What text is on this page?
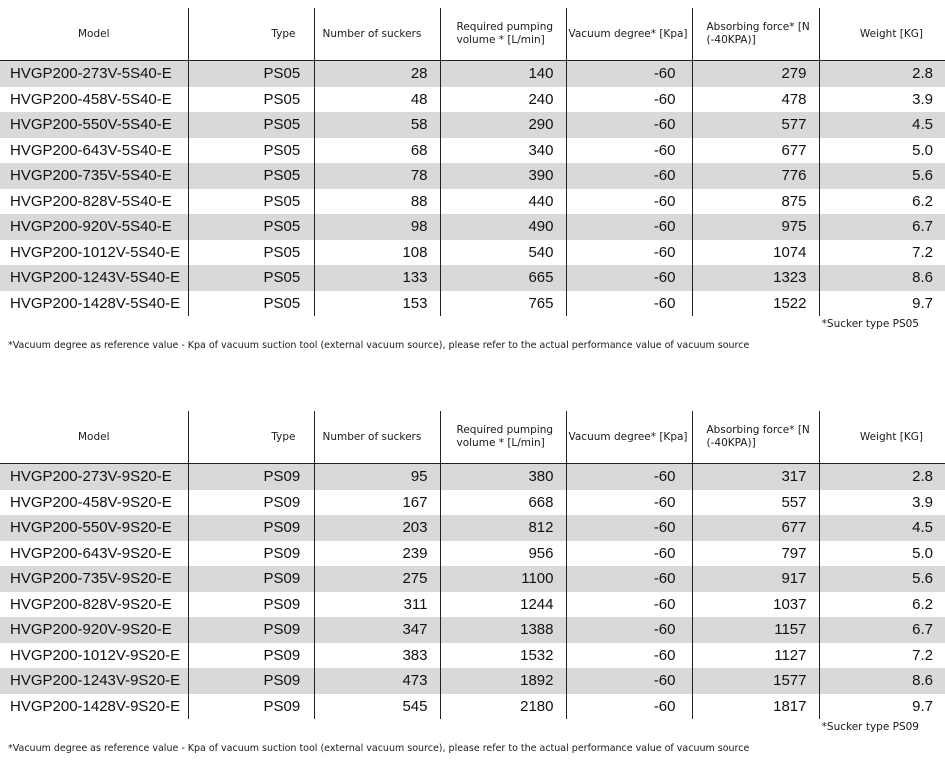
Model	Type	Number of suckers	Required pumping volume * [L/min]	Vacuum degree* [Kpa]	Absorbing force* [N (-40KPA)]	Weight [KG]
HVGP200-273V-5S40-E	PS05	28	140	-60	279	2.8
HVGP200-458V-5S40-E	PS05	48	240	-60	478	3.9
HVGP200-550V-5S40-E	PS05	58	290	-60	577	4.5
HVGP200-643V-5S40-E	PS05	68	340	-60	677	5.0
HVGP200-735V-5S40-E	PS05	78	390	-60	776	5.6
HVGP200-828V-5S40-E	PS05	88	440	-60	875	6.2
HVGP200-920V-5S40-E	PS05	98	490	-60	975	6.7
HVGP200-1012V-5S40-E	PS05	108	540	-60	1074	7.2
HVGP200-1243V-5S40-E	PS05	133	665	-60	1323	8.6
HVGP200-1428V-5S40-E	PS05	153	765	-60	1522	9.7
*Sucker type PS05
*Vacuum degree as reference value - Kpa of vacuum suction tool (external vacuum source), please refer to the actual performance value of vacuum source
Model	Type	Number of suckers	Required pumping volume * [L/min]	Vacuum degree* [Kpa]	Absorbing force* [N (-40KPA)]	Weight [KG]
HVGP200-273V-9S20-E	PS09	95	380	-60	317	2.8
HVGP200-458V-9S20-E	PS09	167	668	-60	557	3.9
HVGP200-550V-9S20-E	PS09	203	812	-60	677	4.5
HVGP200-643V-9S20-E	PS09	239	956	-60	797	5.0
HVGP200-735V-9S20-E	PS09	275	1100	-60	917	5.6
HVGP200-828V-9S20-E	PS09	311	1244	-60	1037	6.2
HVGP200-920V-9S20-E	PS09	347	1388	-60	1157	6.7
HVGP200-1012V-9S20-E	PS09	383	1532	-60	1127	7.2
HVGP200-1243V-9S20-E	PS09	473	1892	-60	1577	8.6
HVGP200-1428V-9S20-E	PS09	545	2180	-60	1817	9.7
*Sucker type PS09
*Vacuum degree as reference value - Kpa of vacuum suction tool (external vacuum source), please refer to the actual performance value of vacuum source
